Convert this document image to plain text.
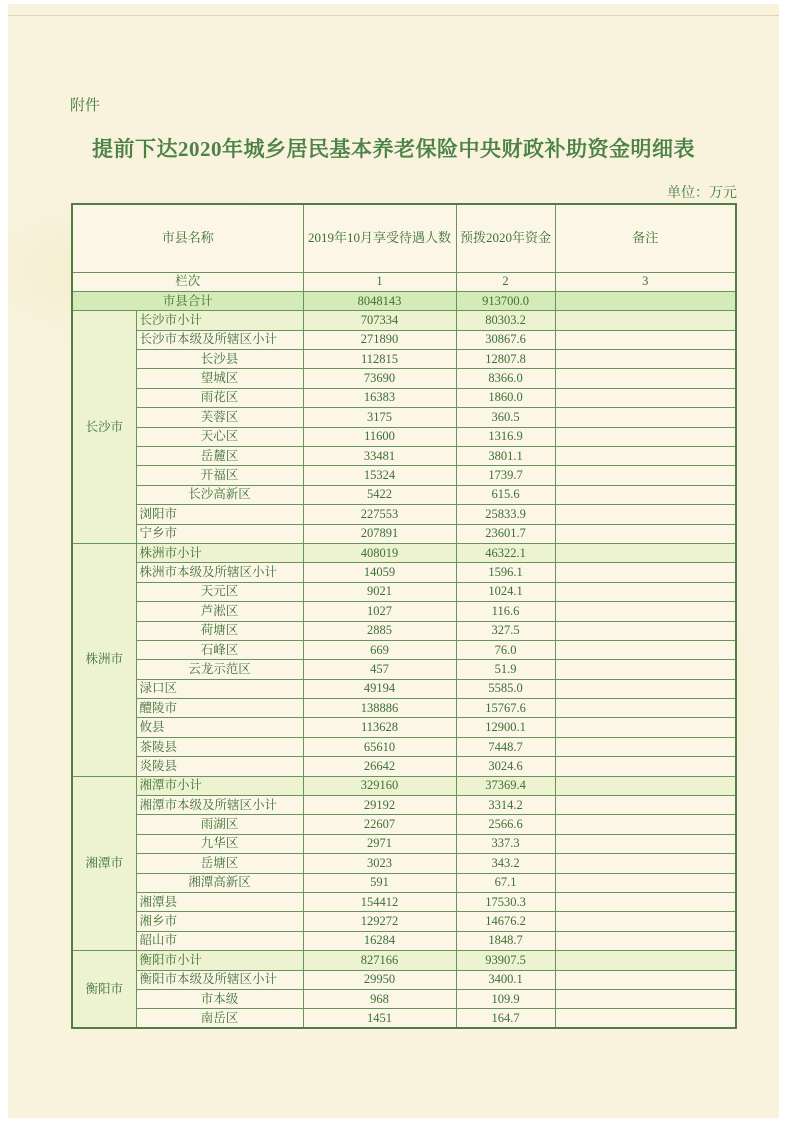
附件
提前下达2020年城乡居民基本养老保险中央财政补助资金明细表
单位：万元
市县名称		2019年10月享受待遇人数	预拨2020年资金	备注
栏次		1	2	3
市县合计		8048143	913700.0	
长沙市	长沙市小计	707334	80303.2	
	长沙市本级及所辖区小计	271890	30867.6	
	长沙县	112815	12807.8	
	望城区	73690	8366.0	
	雨花区	16383	1860.0	
	芙蓉区	3175	360.5	
	天心区	11600	1316.9	
	岳麓区	33481	3801.1	
	开福区	15324	1739.7	
	长沙高新区	5422	615.6	
	浏阳市	227553	25833.9	
	宁乡市	207891	23601.7	
株洲市	株洲市小计	408019	46322.1	
	株洲市本级及所辖区小计	14059	1596.1	
	天元区	9021	1024.1	
	芦淞区	1027	116.6	
	荷塘区	2885	327.5	
	石峰区	669	76.0	
	云龙示范区	457	51.9	
	渌口区	49194	5585.0	
	醴陵市	138886	15767.6	
	攸县	113628	12900.1	
	茶陵县	65610	7448.7	
	炎陵县	26642	3024.6	
湘潭市	湘潭市小计	329160	37369.4	
	湘潭市本级及所辖区小计	29192	3314.2	
	雨湖区	22607	2566.6	
	九华区	2971	337.3	
	岳塘区	3023	343.2	
	湘潭高新区	591	67.1	
	湘潭县	154412	17530.3	
	湘乡市	129272	14676.2	
	韶山市	16284	1848.7	
衡阳市	衡阳市小计	827166	93907.5	
	衡阳市本级及所辖区小计	29950	3400.1	
	市本级	968	109.9	
	南岳区	1451	164.7	
